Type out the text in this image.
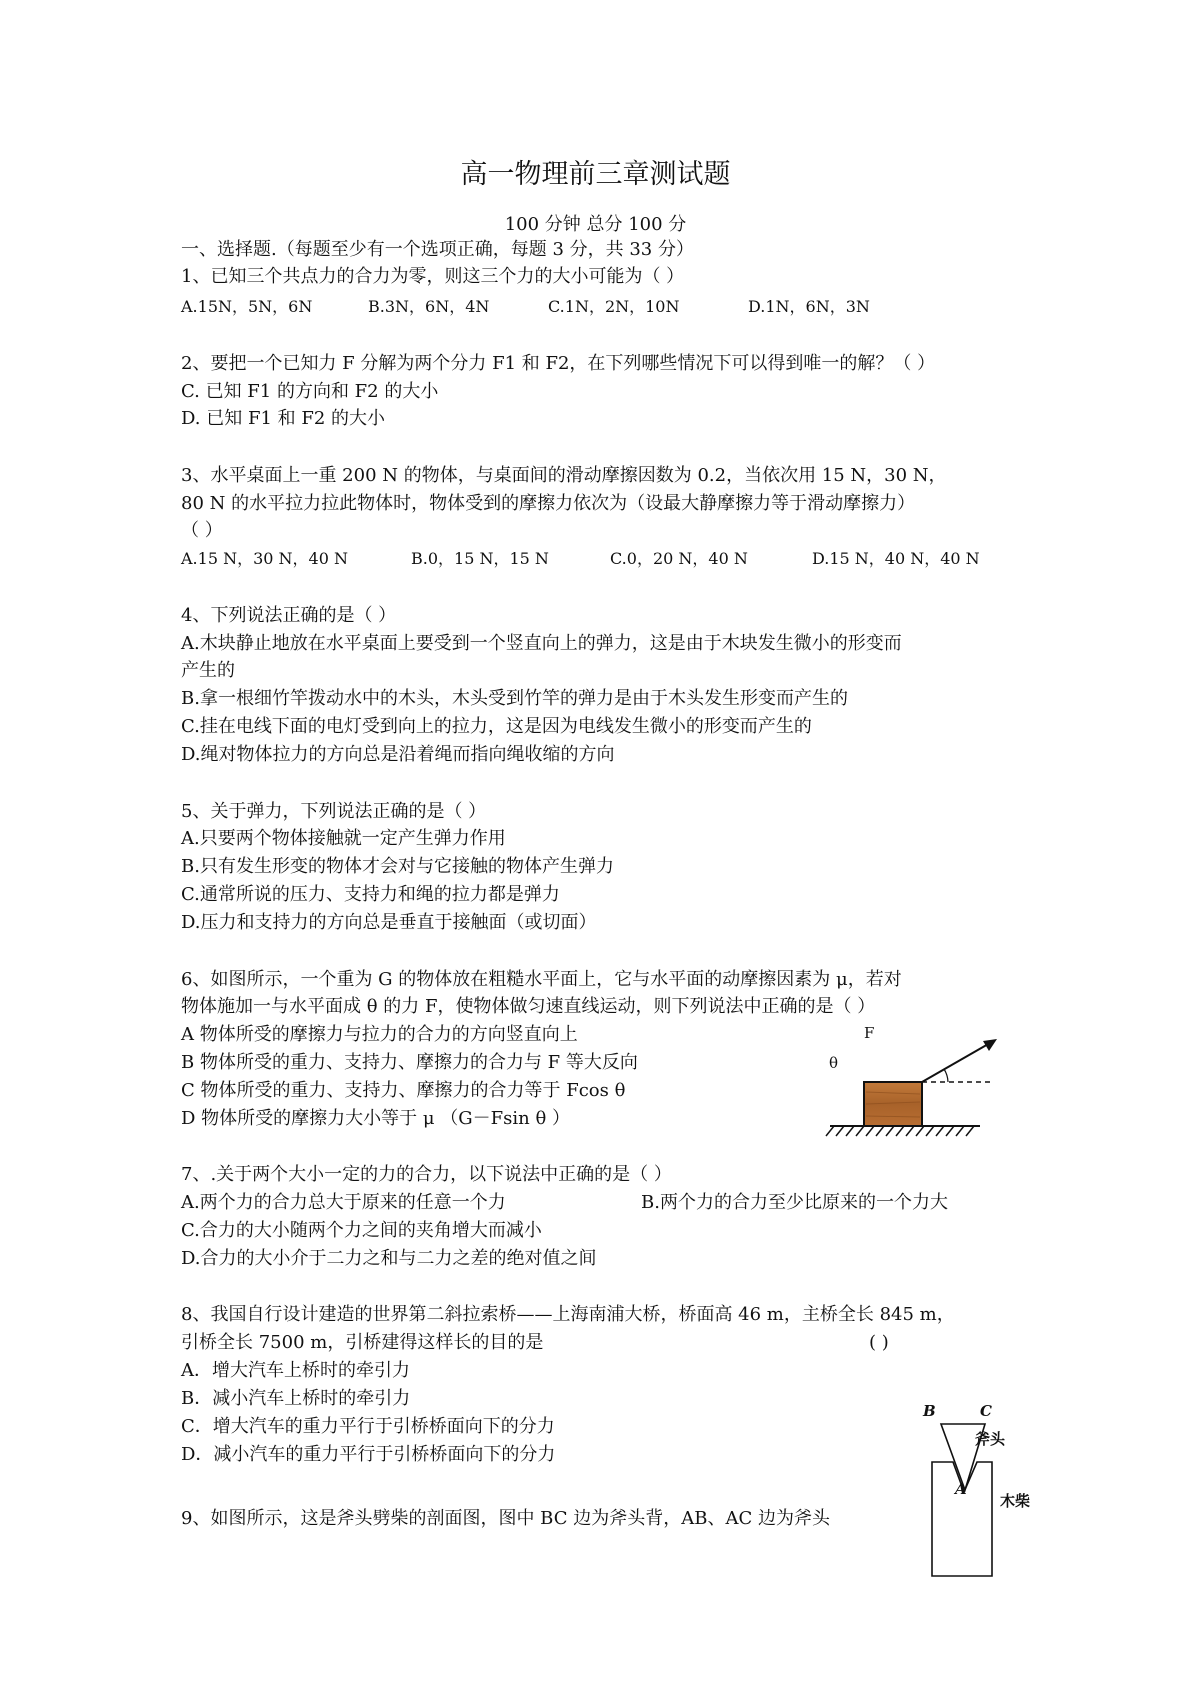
高一物理前三章测试题
100 分钟 总分 100 分
一、选择题.（每题至少有一个选项正确，每题 3 分，共 33 分）
1、已知三个共点力的合力为零，则这三个力的大小可能为（ ）
A.15N，5N，6N	B.3N，6N，4N	C.1N，2N，10N	D.1N，6N，3N
2、要把一个已知力 F 分解为两个分力 F1 和 F2，在下列哪些情况下可以得到唯一的解？（ ）
C. 已知 F1 的方向和 F2 的大小
D. 已知 F1 和 F2 的大小
3、水平桌面上一重 200 N 的物体，与桌面间的滑动摩擦因数为 0.2，当依次用 15 N，30 N，
80 N 的水平拉力拉此物体时，物体受到的摩擦力依次为（设最大静摩擦力等于滑动摩擦力）
（ ）
A.15 N，30 N，40 N	B.0，15 N，15 N	C.0，20 N，40 N	D.15 N，40 N，40 N
4、下列说法正确的是（ ）
A.木块静止地放在水平桌面上要受到一个竖直向上的弹力，这是由于木块发生微小的形变而
产生的
B.拿一根细竹竿拨动水中的木头，木头受到竹竿的弹力是由于木头发生形变而产生的
C.挂在电线下面的电灯受到向上的拉力，这是因为电线发生微小的形变而产生的
D.绳对物体拉力的方向总是沿着绳而指向绳收缩的方向
5、关于弹力，下列说法正确的是（ ）
A.只要两个物体接触就一定产生弹力作用
B.只有发生形变的物体才会对与它接触的物体产生弹力
C.通常所说的压力、支持力和绳的拉力都是弹力
D.压力和支持力的方向总是垂直于接触面（或切面）
6、如图所示，一个重为 G 的物体放在粗糙水平面上，它与水平面的动摩擦因素为 μ，若对
物体施加一与水平面成 θ 的力 F，使物体做匀速直线运动，则下列说法中正确的是（ ）
A 物体所受的摩擦力与拉力的合力的方向竖直向上
B 物体所受的重力、支持力、摩擦力的合力与 F 等大反向
C 物体所受的重力、支持力、摩擦力的合力等于 Fcos θ
D 物体所受的摩擦力大小等于 μ （G－Fsin θ ）
F
θ
7、.关于两个大小一定的力的合力，以下说法中正确的是（ ）
A.两个力的合力总大于原来的任意一个力	B.两个力的合力至少比原来的一个力大
C.合力的大小随两个力之间的夹角增大而减小
D.合力的大小介于二力之和与二力之差的绝对值之间
8、我国自行设计建造的世界第二斜拉索桥——上海南浦大桥，桥面高 46 m，主桥全长 845 m，
引桥全长 7500 m，引桥建得这样长的目的是	( )
A．增大汽车上桥时的牵引力
B．减小汽车上桥时的牵引力
C．增大汽车的重力平行于引桥桥面向下的分力
D．减小汽车的重力平行于引桥桥面向下的分力
9、如图所示，这是斧头劈柴的剖面图，图中 BC 边为斧头背，AB、AC 边为斧头
B	C
斧头
A
木柴
